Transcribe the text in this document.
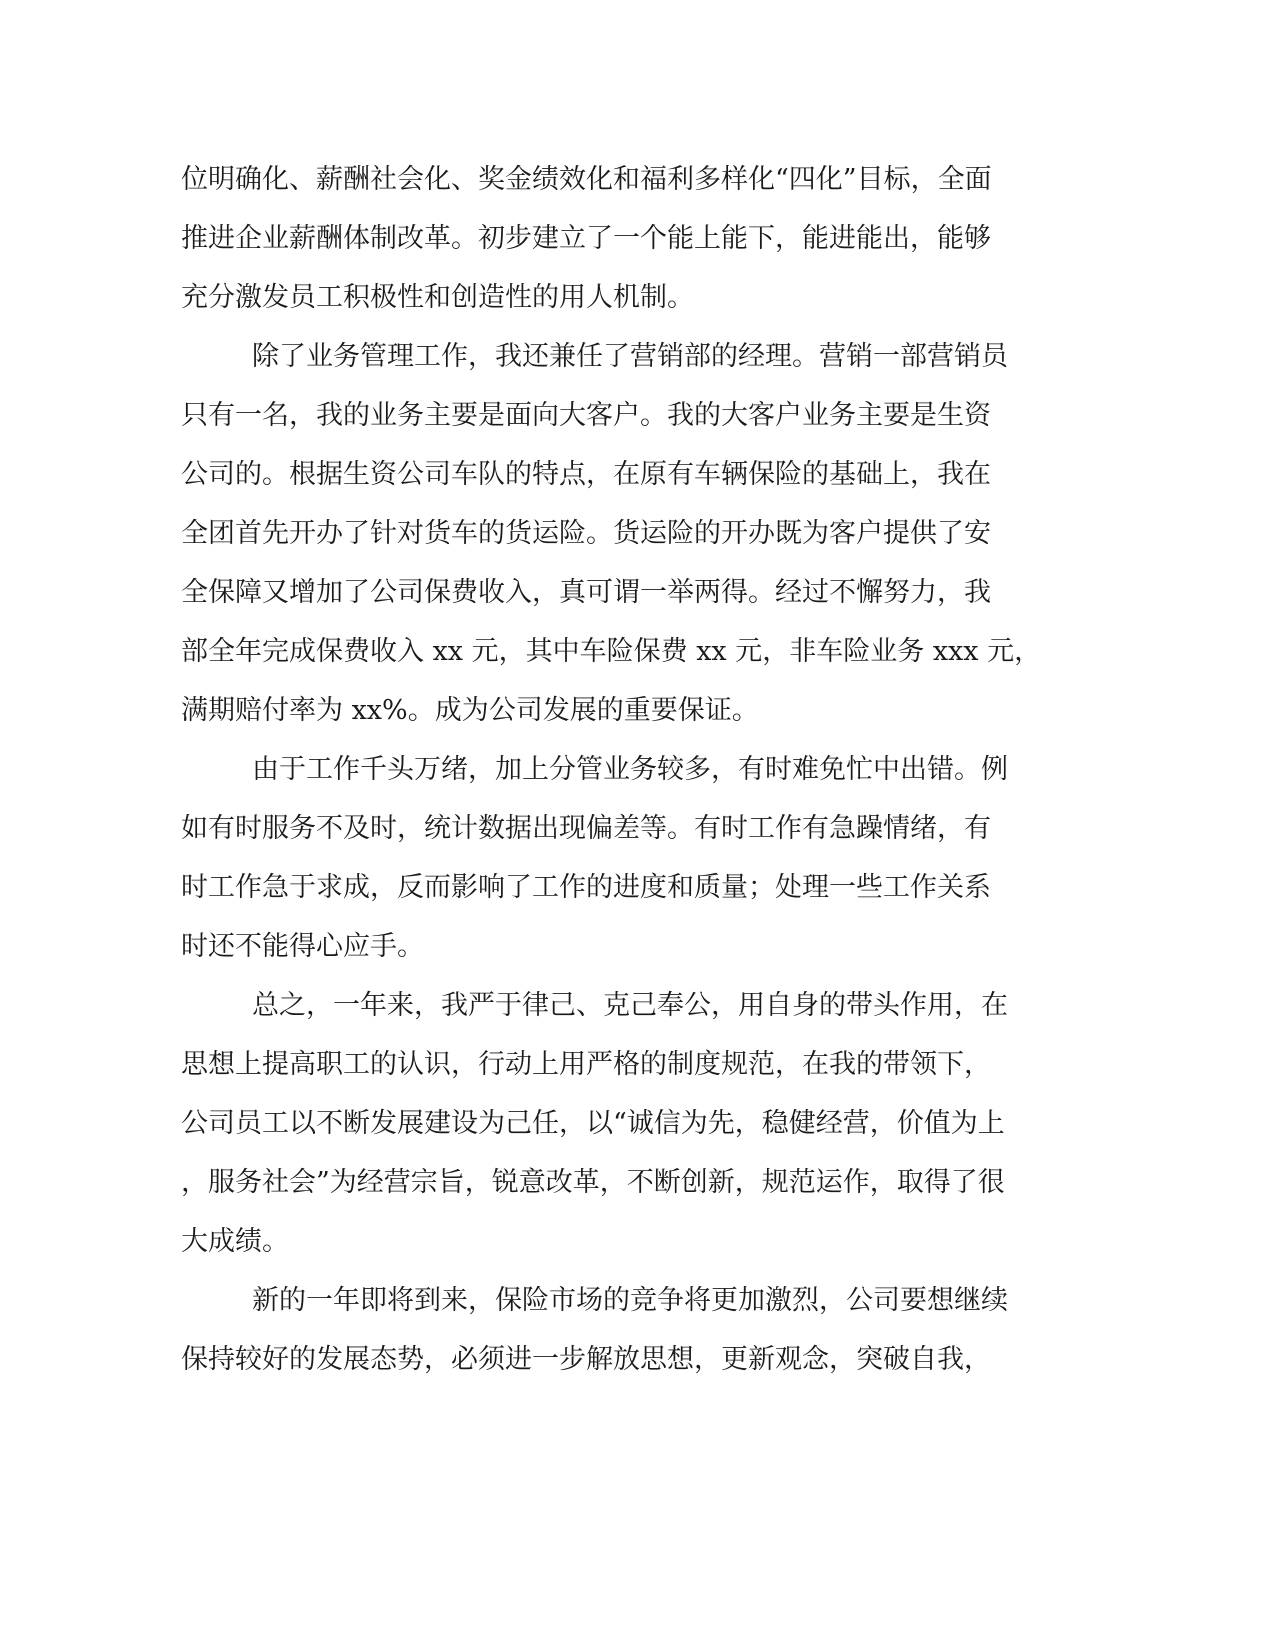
位明确化、薪酬社会化、奖金绩效化和福利多样化“四化”目标，全面
推进企业薪酬体制改革。初步建立了一个能上能下，能进能出，能够
充分激发员工积极性和创造性的用人机制。
除了业务管理工作，我还兼任了营销部的经理。营销一部营销员
只有一名，我的业务主要是面向大客户。我的大客户业务主要是生资
公司的。根据生资公司车队的特点，在原有车辆保险的基础上，我在
全团首先开办了针对货车的货运险。货运险的开办既为客户提供了安
全保障又增加了公司保费收入，真可谓一举两得。经过不懈努力，我
部全年完成保费收入 xx 元，其中车险保费 xx 元，非车险业务 xxx 元，
满期赔付率为 xx%。成为公司发展的重要保证。
由于工作千头万绪，加上分管业务较多，有时难免忙中出错。例
如有时服务不及时，统计数据出现偏差等。有时工作有急躁情绪，有
时工作急于求成，反而影响了工作的进度和质量；处理一些工作关系
时还不能得心应手。
总之，一年来，我严于律己、克己奉公，用自身的带头作用，在
思想上提高职工的认识，行动上用严格的制度规范，在我的带领下，
公司员工以不断发展建设为己任，以“诚信为先，稳健经营，价值为上
，服务社会”为经营宗旨，锐意改革，不断创新，规范运作，取得了很
大成绩。
新的一年即将到来，保险市场的竞争将更加激烈，公司要想继续
保持较好的发展态势，必须进一步解放思想，更新观念，突破自我，
